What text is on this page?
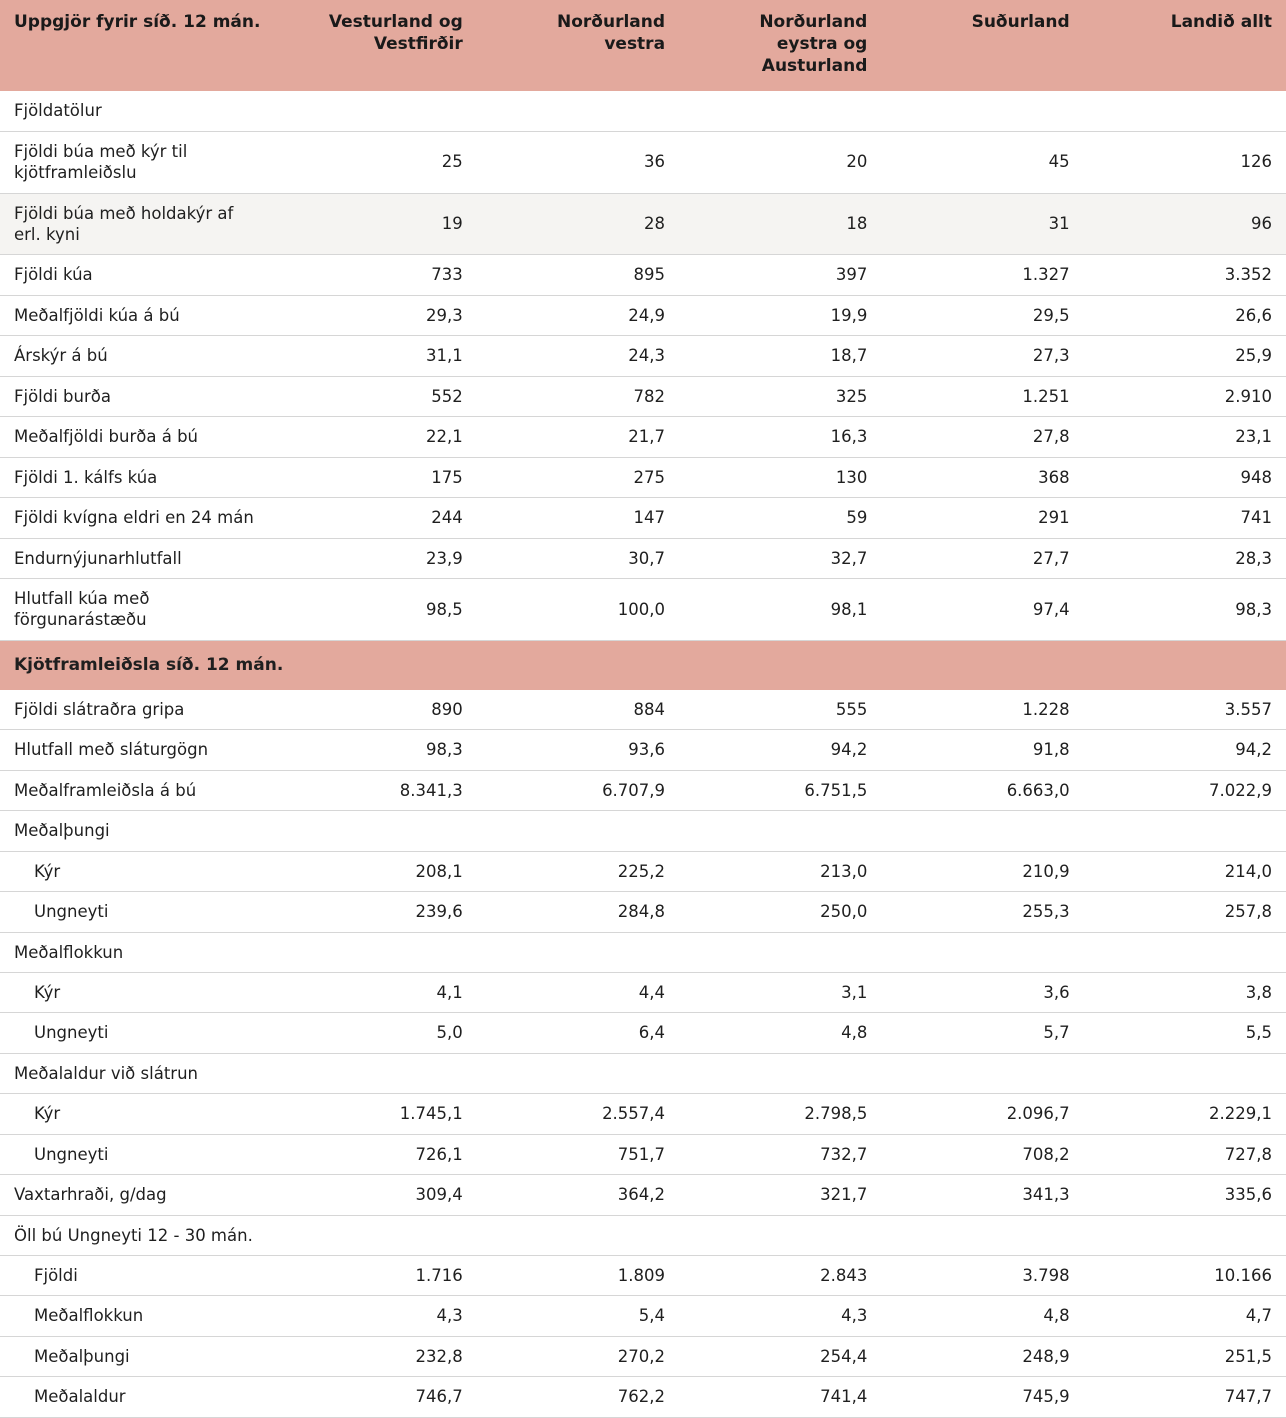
Uppgjör fyrir síð. 12 mán.	Vesturland og Vestfirðir	Norðurland vestra	Norðurland eystra og Austurland	Suðurland	Landið allt
Fjöldatölur					
Fjöldi búa með kýr til kjötframleiðslu	25	36	20	45	126
Fjöldi búa með holdakýr af erl. kyni	19	28	18	31	96
Fjöldi kúa	733	895	397	1.327	3.352
Meðalfjöldi kúa á bú	29,3	24,9	19,9	29,5	26,6
Árskýr á bú	31,1	24,3	18,7	27,3	25,9
Fjöldi burða	552	782	325	1.251	2.910
Meðalfjöldi burða á bú	22,1	21,7	16,3	27,8	23,1
Fjöldi 1. kálfs kúa	175	275	130	368	948
Fjöldi kvígna eldri en 24 mán	244	147	59	291	741
Endurnýjunarhlutfall	23,9	30,7	32,7	27,7	28,3
Hlutfall kúa með förgunarástæðu	98,5	100,0	98,1	97,4	98,3
Kjötframleiðsla síð. 12 mán.					
Fjöldi slátraðra gripa	890	884	555	1.228	3.557
Hlutfall með sláturgögn	98,3	93,6	94,2	91,8	94,2
Meðalframleiðsla á bú	8.341,3	6.707,9	6.751,5	6.663,0	7.022,9
Meðalþungi					
Kýr	208,1	225,2	213,0	210,9	214,0
Ungneyti	239,6	284,8	250,0	255,3	257,8
Meðalflokkun					
Kýr	4,1	4,4	3,1	3,6	3,8
Ungneyti	5,0	6,4	4,8	5,7	5,5
Meðalaldur við slátrun					
Kýr	1.745,1	2.557,4	2.798,5	2.096,7	2.229,1
Ungneyti	726,1	751,7	732,7	708,2	727,8
Vaxtarhraði, g/dag	309,4	364,2	321,7	341,3	335,6
Öll bú Ungneyti 12 - 30 mán.					
Fjöldi	1.716	1.809	2.843	3.798	10.166
Meðalflokkun	4,3	5,4	4,3	4,8	4,7
Meðalþungi	232,8	270,2	254,4	248,9	251,5
Meðalaldur	746,7	762,2	741,4	745,9	747,7
